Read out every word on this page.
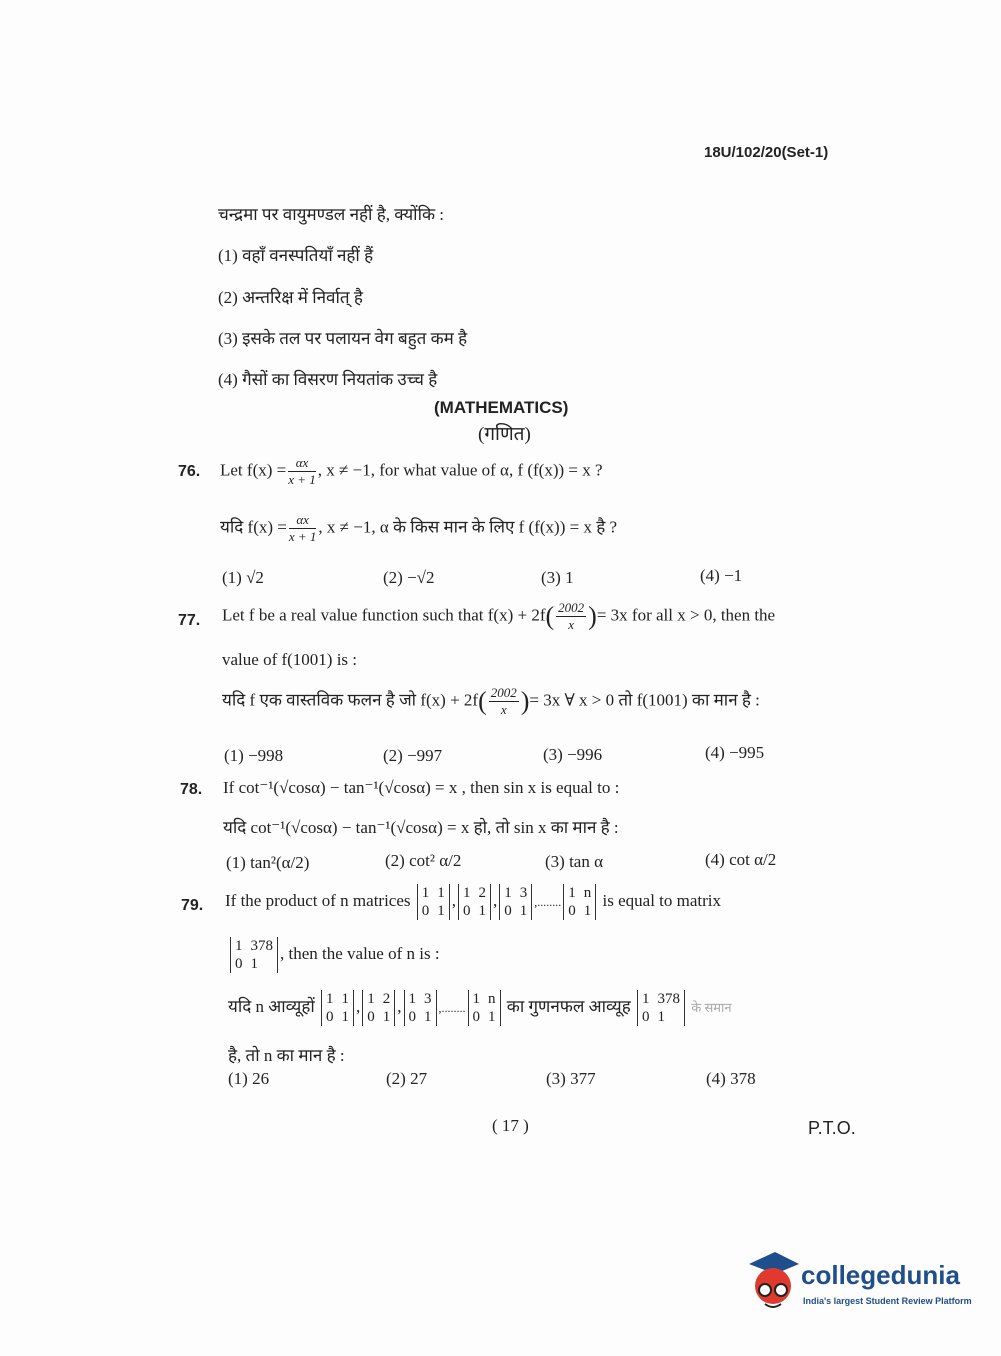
18U/102/20(Set-1)
चन्द्रमा पर वायुमण्डल नहीं है, क्योंकि :
(1) वहाँ वनस्पतियाँ नहीं हैं
(2) अन्तरिक्ष में निर्वात् है
(3) इसके तल पर पलायन वेग बहुत कम है
(4) गैसों का विसरण नियतांक उच्च है
(MATHEMATICS)
(गणित)
76. Let $f(x) = \frac{\alpha x}{x + 1}$ , x ≠ −1, for what value of α, f (f(x)) = x ?
यदि $f(x) = \frac{\alpha x}{x + 1}$ , x ≠ −1, α के किस मान के लिए f (f(x)) = x है ?
(1) √2	(2) −√2	(3) 1	(4) −1
77. Let f be a real value function such that $f(x) + 2f( \frac{2002}{x}$ )= 3x for all x > 0, then the
value of f(1001) is :
यदि f एक वास्तविक फलन है जो $f(x) + 2f( \frac{2002}{x}$ )= 3x ∀ x > 0 तो f(1001) का मान है :
(1) −998	(2) −997	(3) −996	(4) −995
78. If cot⁻¹(√cosα) − tan⁻¹(√cosα) = x , then sin x is equal to :
यदि cot⁻¹(√cosα) − tan⁻¹(√cosα) = x हो, तो sin x का मान है :
(1) tan²(α/2)	(2) cot² α/2	(3) tan α	(4) cot α/2
79. If the product of n matrices 1 1
0 1
, 1 2
0 1
, 1 3
0 1
,........
1 n
0 1
is equal to matrix
1 378
0 1
, then the value of n is :
यदि n आव्यूहों 1 1
0 1
, 1 2
0 1
, 1 3
0 1
,........
1 n
0 1
का गुणनफल आव्यूह 1 378
0 1
के समान
है, तो n का मान है :
(1) 26	(2) 27	(3) 377	(4) 378
( 17 )	P.T.O.
collegedunia
India's largest Student Review Platform
